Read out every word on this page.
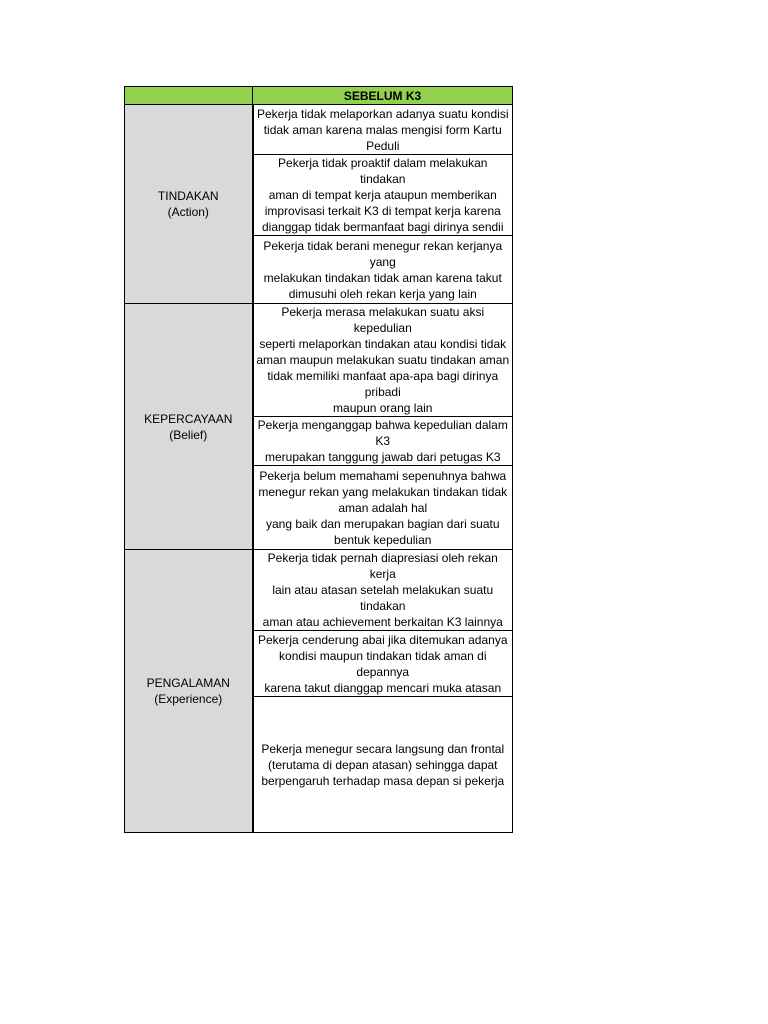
	SEBELUM K3

TINDAKAN
(Action)	Pekerja tidak melaporkan adanya suatu kondisi
tidak aman karena malas mengisi form Kartu
Peduli

	Pekerja tidak proaktif dalam melakukan tindakan
aman di tempat kerja ataupun memberikan
improvisasi terkait K3 di tempat kerja karena
dianggap tidak bermanfaat bagi dirinya sendii

	Pekerja tidak berani menegur rekan kerjanya yang
melakukan tindakan tidak aman karena takut
dimusuhi oleh rekan kerja yang lain

KEPERCAYAAN
(Belief)	Pekerja merasa melakukan suatu aksi kepedulian
seperti melaporkan tindakan atau kondisi tidak
aman maupun melakukan suatu tindakan aman
tidak memiliki manfaat apa-apa bagi dirinya pribadi
maupun orang lain

	Pekerja menganggap bahwa kepedulian dalam K3
merupakan tanggung jawab dari petugas K3

	Pekerja belum memahami sepenuhnya bahwa
menegur rekan yang melakukan tindakan tidak
aman adalah hal
yang baik dan merupakan bagian dari suatu
bentuk kepedulian

PENGALAMAN
(Experience)	Pekerja tidak pernah diapresiasi oleh rekan kerja
lain atau atasan setelah melakukan suatu tindakan
aman atau achievement berkaitan K3 lainnya

	Pekerja cenderung abai jika ditemukan adanya
kondisi maupun tindakan tidak aman di depannya
karena takut dianggap mencari muka atasan

	Pekerja menegur secara langsung dan frontal
(terutama di depan atasan) sehingga dapat
berpengaruh terhadap masa depan si pekerja
